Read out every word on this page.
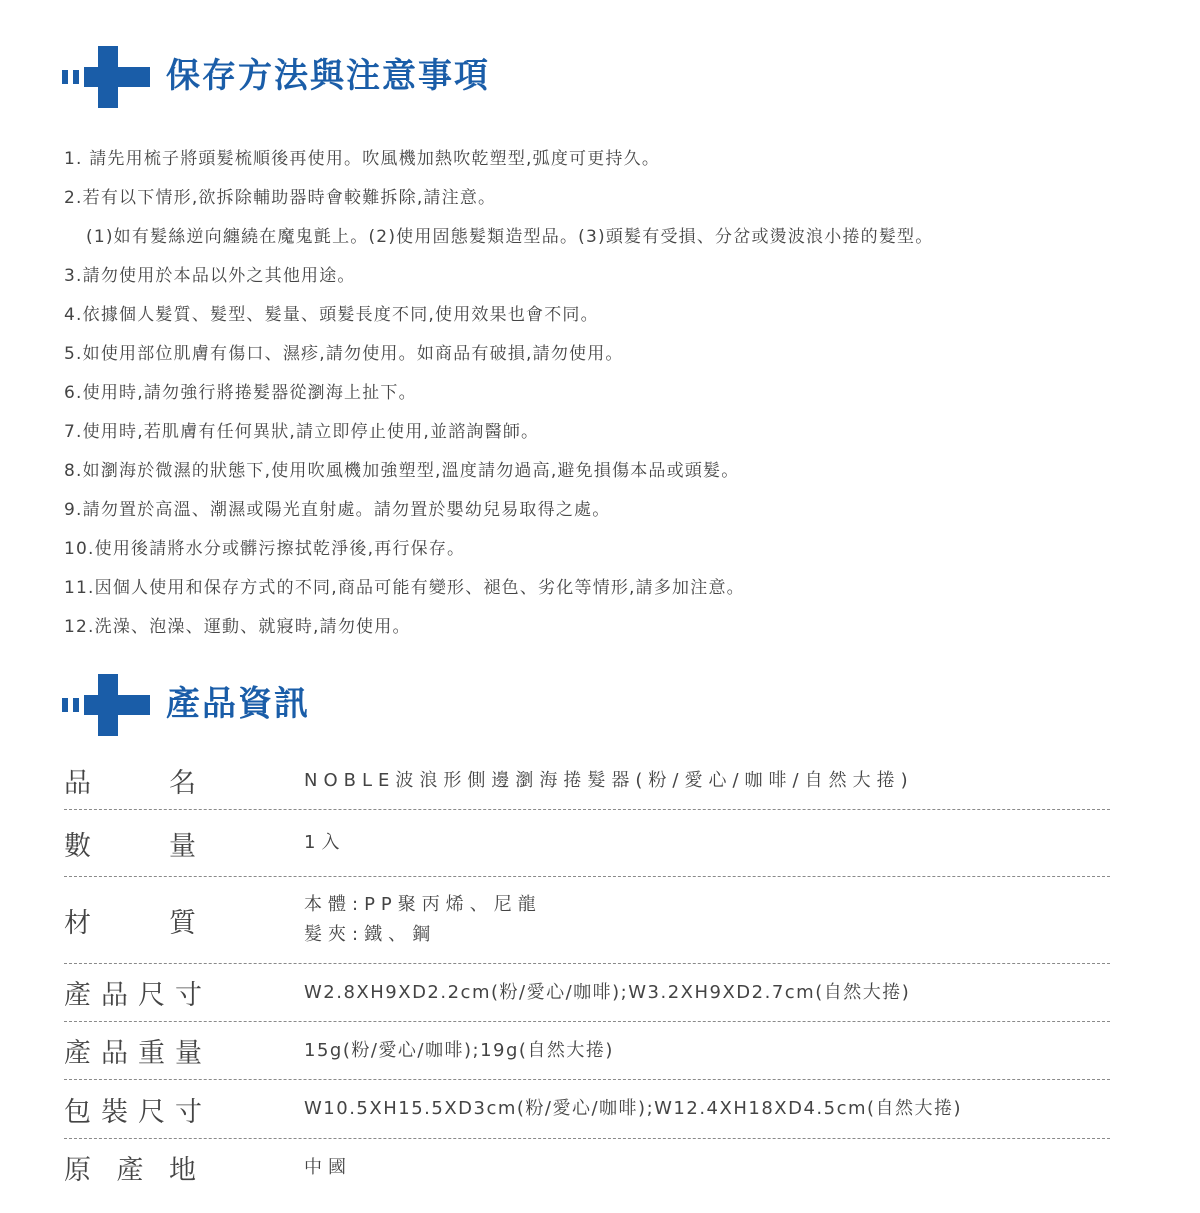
保存方法與注意事項
1. 請先用梳子將頭髮梳順後再使用。吹風機加熱吹乾塑型,弧度可更持久。
2.若有以下情形,欲拆除輔助器時會較難拆除,請注意。
(1)如有髮絲逆向纏繞在魔鬼氈上。(2)使用固態髮類造型品。(3)頭髮有受損、分岔或燙波浪小捲的髮型。
3.請勿使用於本品以外之其他用途。
4.依據個人髮質、髮型、髮量、頭髮長度不同,使用效果也會不同。
5.如使用部位肌膚有傷口、濕疹,請勿使用。如商品有破損,請勿使用。
6.使用時,請勿強行將捲髮器從瀏海上扯下。
7.使用時,若肌膚有任何異狀,請立即停止使用,並諮詢醫師。
8.如瀏海於微濕的狀態下,使用吹風機加強塑型,溫度請勿過高,避免損傷本品或頭髮。
9.請勿置於高溫、潮濕或陽光直射處。請勿置於嬰幼兒易取得之處。
10.使用後請將水分或髒污擦拭乾淨後,再行保存。
11.因個人使用和保存方式的不同,商品可能有變形、褪色、劣化等情形,請多加注意。
12.洗澡、泡澡、運動、就寢時,請勿使用。
產品資訊
品	名	NOBLE波浪形側邊瀏海捲髮器(粉/愛心/咖啡/自然大捲)
數	量	1入
材	質
本體:PP聚丙烯、尼龍
髮夾:鐵、鋼
產品尺寸	W2.8XH9XD2.2cm(粉/愛心/咖啡);W3.2XH9XD2.7cm(自然大捲)
產品重量	15g(粉/愛心/咖啡);19g(自然大捲)
包裝尺寸	W10.5XH15.5XD3cm(粉/愛心/咖啡);W12.4XH18XD4.5cm(自然大捲)
原 產 地	中國
